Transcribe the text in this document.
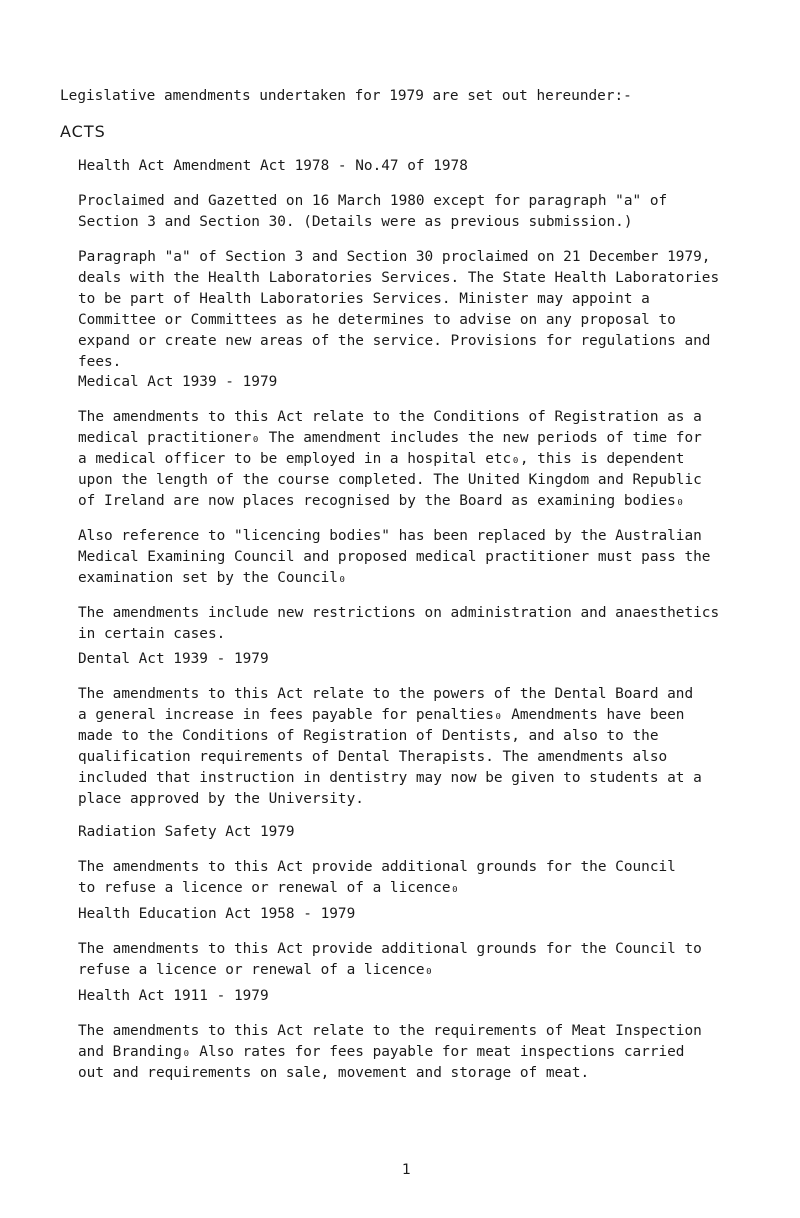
Legislative amendments undertaken for 1979 are set out hereunder:-
ACTS

Health Act Amendment Act 1978 - No.47 of 1978

Proclaimed and Gazetted on 16 March 1980 except for paragraph "a" of
Section 3 and Section 30. (Details were as previous submission.)

Paragraph "a" of Section 3 and Section 30 proclaimed on 21 December 1979,
deals with the Health Laboratories Services. The State Health Laboratories
to be part of Health Laboratories Services. Minister may appoint a
Committee or Committees as he determines to advise on any proposal to
expand or create new areas of the service. Provisions for regulations and
fees.

Medical Act 1939 - 1979

The amendments to this Act relate to the Conditions of Registration as a
medical practitioner₀ The amendment includes the new periods of time for
a medical officer to be employed in a hospital etc₀, this is dependent
upon the length of the course completed. The United Kingdom and Republic
of Ireland are now places recognised by the Board as examining bodies₀

Also reference to "licencing bodies" has been replaced by the Australian
Medical Examining Council and proposed medical practitioner must pass the
examination set by the Council₀

The amendments include new restrictions on administration and anaesthetics
in certain cases.

Dental Act 1939 - 1979

The amendments to this Act relate to the powers of the Dental Board and
a general increase in fees payable for penalties₀ Amendments have been
made to the Conditions of Registration of Dentists, and also to the
qualification requirements of Dental Therapists. The amendments also
included that instruction in dentistry may now be given to students at a
place approved by the University.

Radiation Safety Act 1979

The amendments to this Act provide additional grounds for the Council
to refuse a licence or renewal of a licence₀

Health Education Act 1958 - 1979

The amendments to this Act provide additional grounds for the Council to
refuse a licence or renewal of a licence₀

Health Act 1911 - 1979

The amendments to this Act relate to the requirements of Meat Inspection
and Branding₀ Also rates for fees payable for meat inspections carried
out and requirements on sale, movement and storage of meat.

1
